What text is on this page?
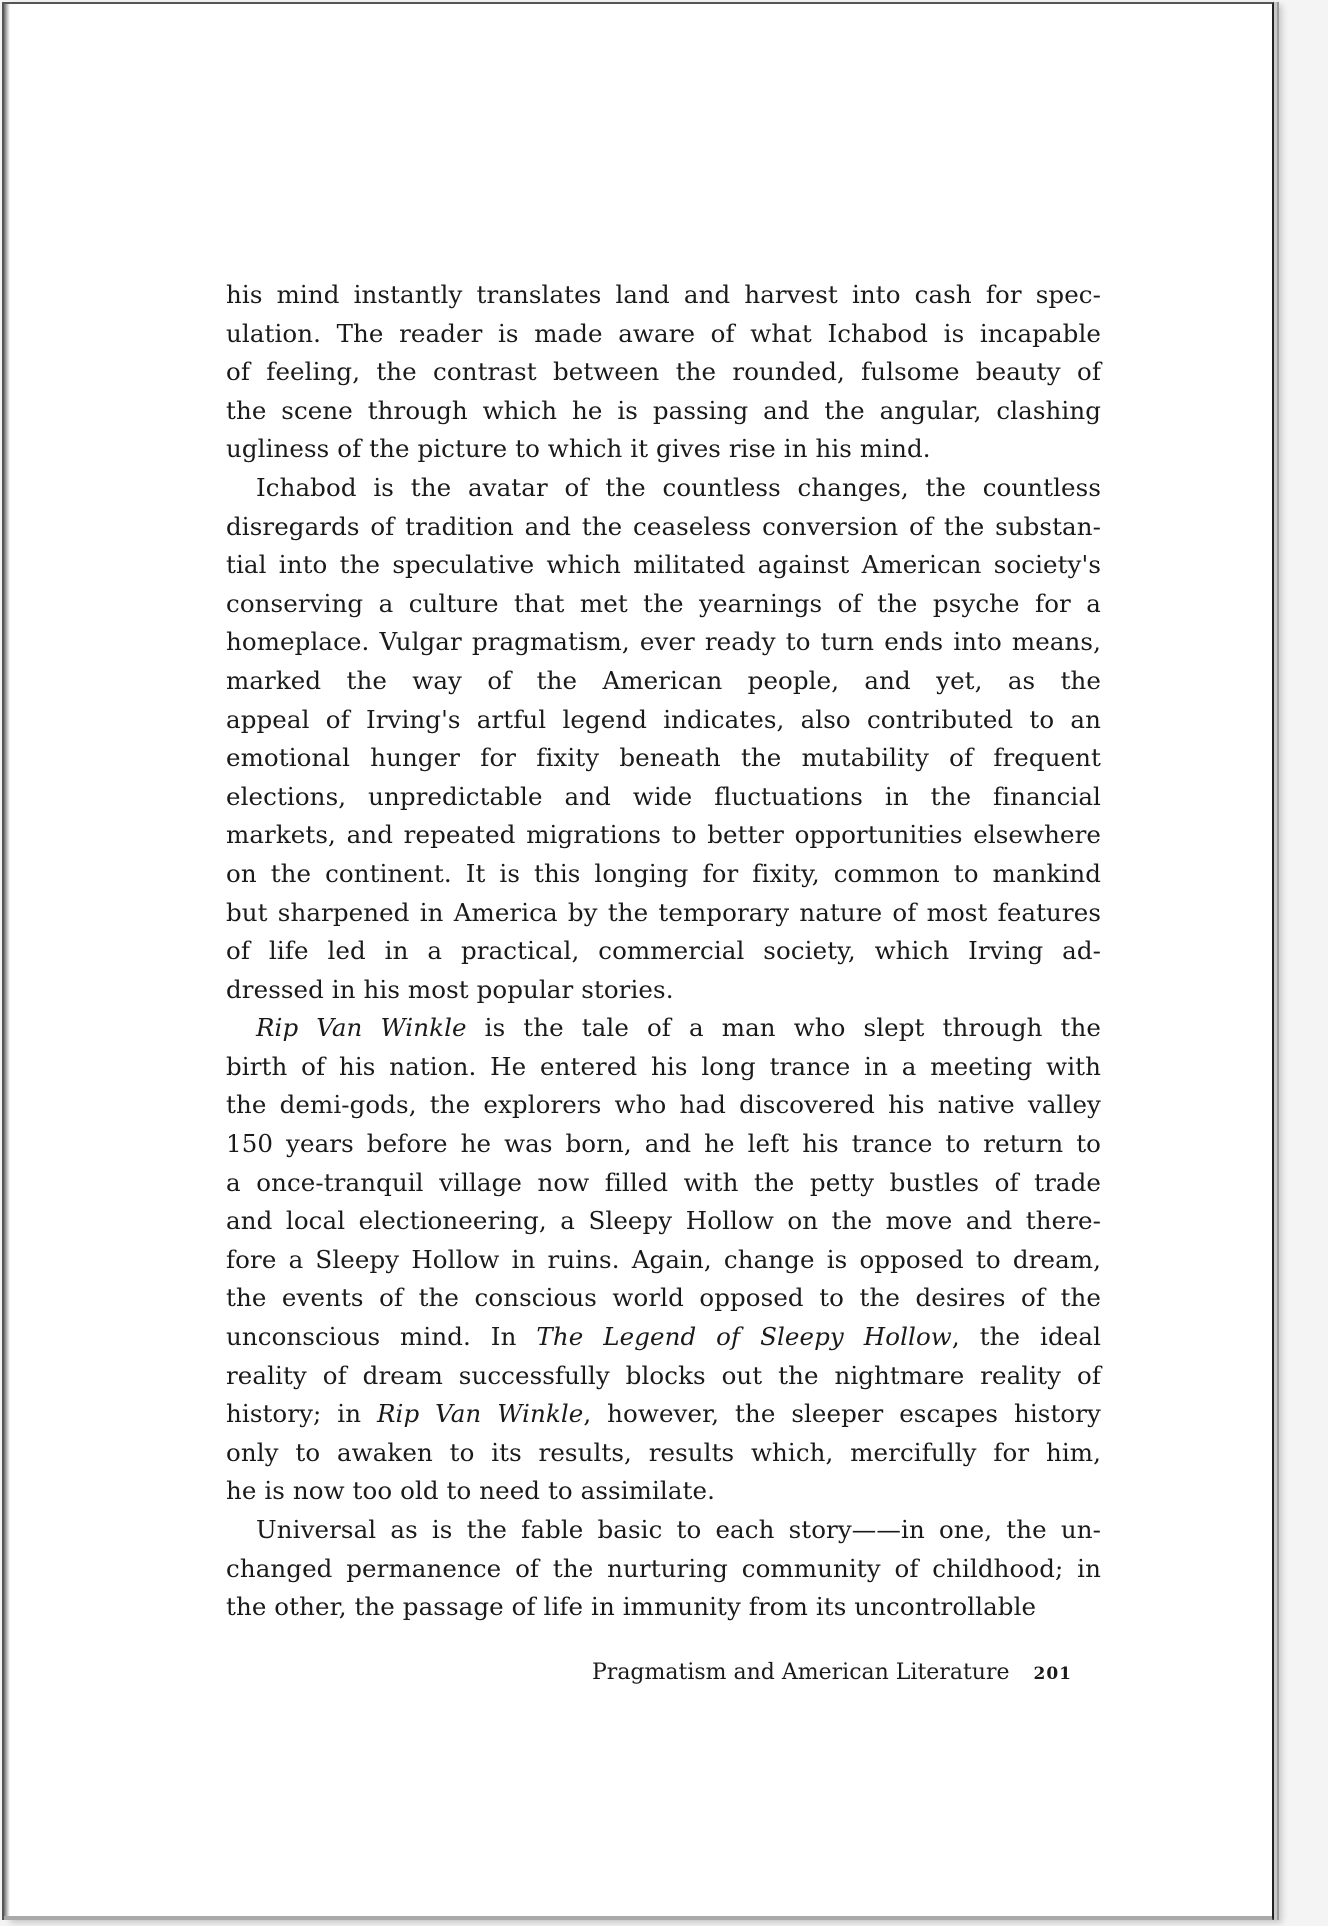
his mind instantly translates land and harvest into cash for spec-
ulation. The reader is made aware of what Ichabod is incapable
of feeling, the contrast between the rounded, fulsome beauty of
the scene through which he is passing and the angular, clashing
ugliness of the picture to which it gives rise in his mind.
Ichabod is the avatar of the countless changes, the countless
disregards of tradition and the ceaseless conversion of the substan-
tial into the speculative which militated against American society's
conserving a culture that met the yearnings of the psyche for a
homeplace. Vulgar pragmatism, ever ready to turn ends into means,
marked the way of the American people, and yet, as the
appeal of Irving's artful legend indicates, also contributed to an
emotional hunger for fixity beneath the mutability of frequent
elections, unpredictable and wide fluctuations in the financial
markets, and repeated migrations to better opportunities elsewhere
on the continent. It is this longing for fixity, common to mankind
but sharpened in America by the temporary nature of most features
of life led in a practical, commercial society, which Irving ad-
dressed in his most popular stories.
Rip Van Winkle is the tale of a man who slept through the
birth of his nation. He entered his long trance in a meeting with
the demi-gods, the explorers who had discovered his native valley
150 years before he was born, and he left his trance to return to
a once-tranquil village now filled with the petty bustles of trade
and local electioneering, a Sleepy Hollow on the move and there-
fore a Sleepy Hollow in ruins. Again, change is opposed to dream,
the events of the conscious world opposed to the desires of the
unconscious mind. In The Legend of Sleepy Hollow, the ideal
reality of dream successfully blocks out the nightmare reality of
history; in Rip Van Winkle, however, the sleeper escapes history
only to awaken to its results, results which, mercifully for him,
he is now too old to need to assimilate.
Universal as is the fable basic to each story——in one, the un-
changed permanence of the nurturing community of childhood; in
the other, the passage of life in immunity from its uncontrollable
Pragmatism and American Literature 201
